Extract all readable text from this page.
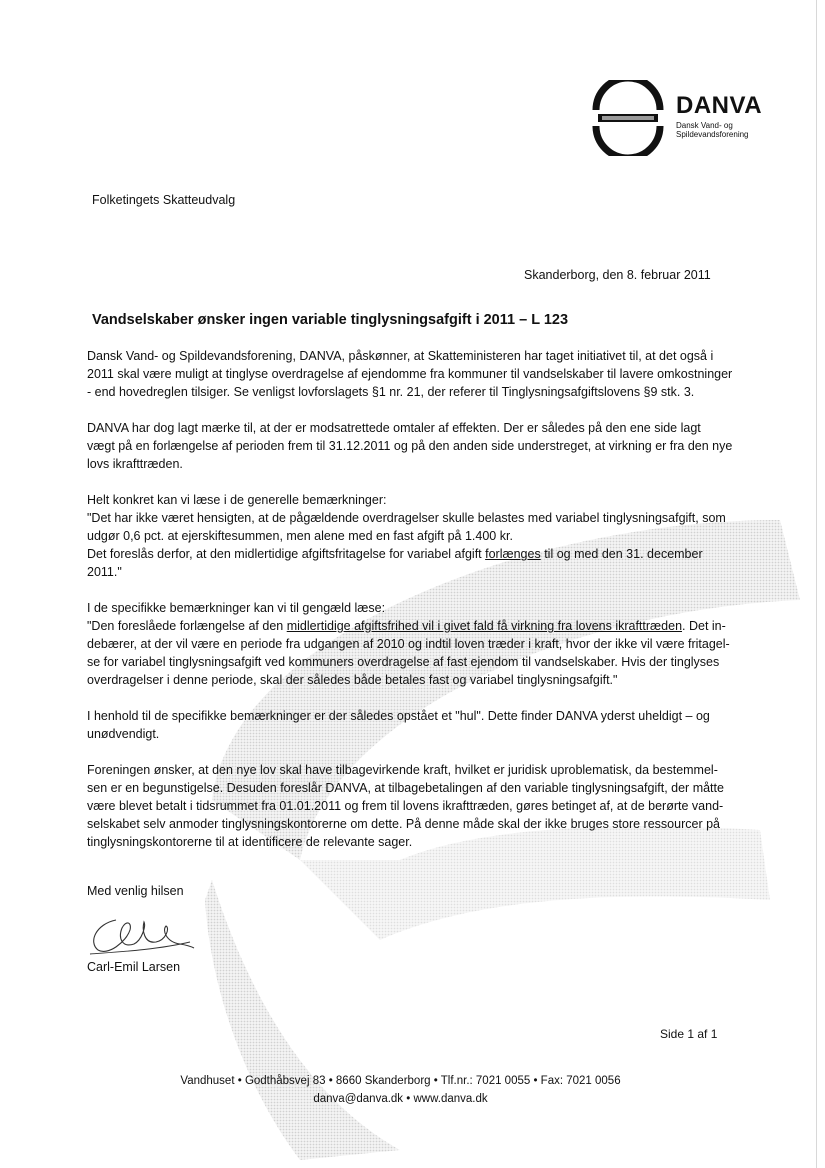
DANVA
Dansk Vand- og
Spildevandsforening
Folketingets Skatteudvalg
Skanderborg, den 8. februar 2011
Vandselskaber ønsker ingen variable tinglysningsafgift i 2011 – L 123

Dansk Vand- og Spildevandsforening, DANVA, påskønner, at Skatteministeren har taget initiativet til, at det også i
2011 skal være muligt at tinglyse overdragelse af ejendomme fra kommuner til vandselskaber til lavere omkostninger
- end hovedreglen tilsiger. Se venligst lovforslagets §1 nr. 21, der referer til Tinglysningsafgiftslovens §9 stk. 3.

DANVA har dog lagt mærke til, at der er modsatrettede omtaler af effekten. Der er således på den ene side lagt
vægt på en forlængelse af perioden frem til 31.12.2011 og på den anden side understreget, at virkning er fra den nye
lovs ikrafttræden.

Helt konkret kan vi læse i de generelle bemærkninger:
"Det har ikke været hensigten, at de pågældende overdragelser skulle belastes med variabel tinglysningsafgift, som
udgør 0,6 pct. at ejerskiftesummen, men alene med en fast afgift på 1.400 kr.
Det foreslås derfor, at den midlertidige afgiftsfritagelse for variabel afgift forlænges til og med den 31. december
2011."

I de specifikke bemærkninger kan vi til gengæld læse:
"Den foreslåede forlængelse af den midlertidige afgiftsfrihed vil i givet fald få virkning fra lovens ikrafttræden. Det in-
debærer, at der vil være en periode fra udgangen af 2010 og indtil loven træder i kraft, hvor der ikke vil være fritagel-
se for variabel tinglysningsafgift ved kommuners overdragelse af fast ejendom til vandselskaber. Hvis der tinglyses
overdragelser i denne periode, skal der således både betales fast og variabel tinglysningsafgift."

I henhold til de specifikke bemærkninger er der således opstået et "hul". Dette finder DANVA yderst uheldigt – og
unødvendigt.

Foreningen ønsker, at den nye lov skal have tilbagevirkende kraft, hvilket er juridisk uproblematisk, da bestemmel-
sen er en begunstigelse. Desuden foreslår DANVA, at tilbagebetalingen af den variable tinglysningsafgift, der måtte
være blevet betalt i tidsrummet fra 01.01.2011 og frem til lovens ikrafttræden, gøres betinget af, at de berørte vand-
selskabet selv anmoder tinglysningskontorerne om dette. På denne måde skal der ikke bruges store ressourcer på
tinglysningskontorerne til at identificere de relevante sager.

Med venlig hilsen
Carl-Emil Larsen
Side 1 af 1
Vandhuset • Godthåbsvej 83 • 8660 Skanderborg • Tlf.nr.: 7021 0055 • Fax: 7021 0056
danva@danva.dk • www.danva.dk
